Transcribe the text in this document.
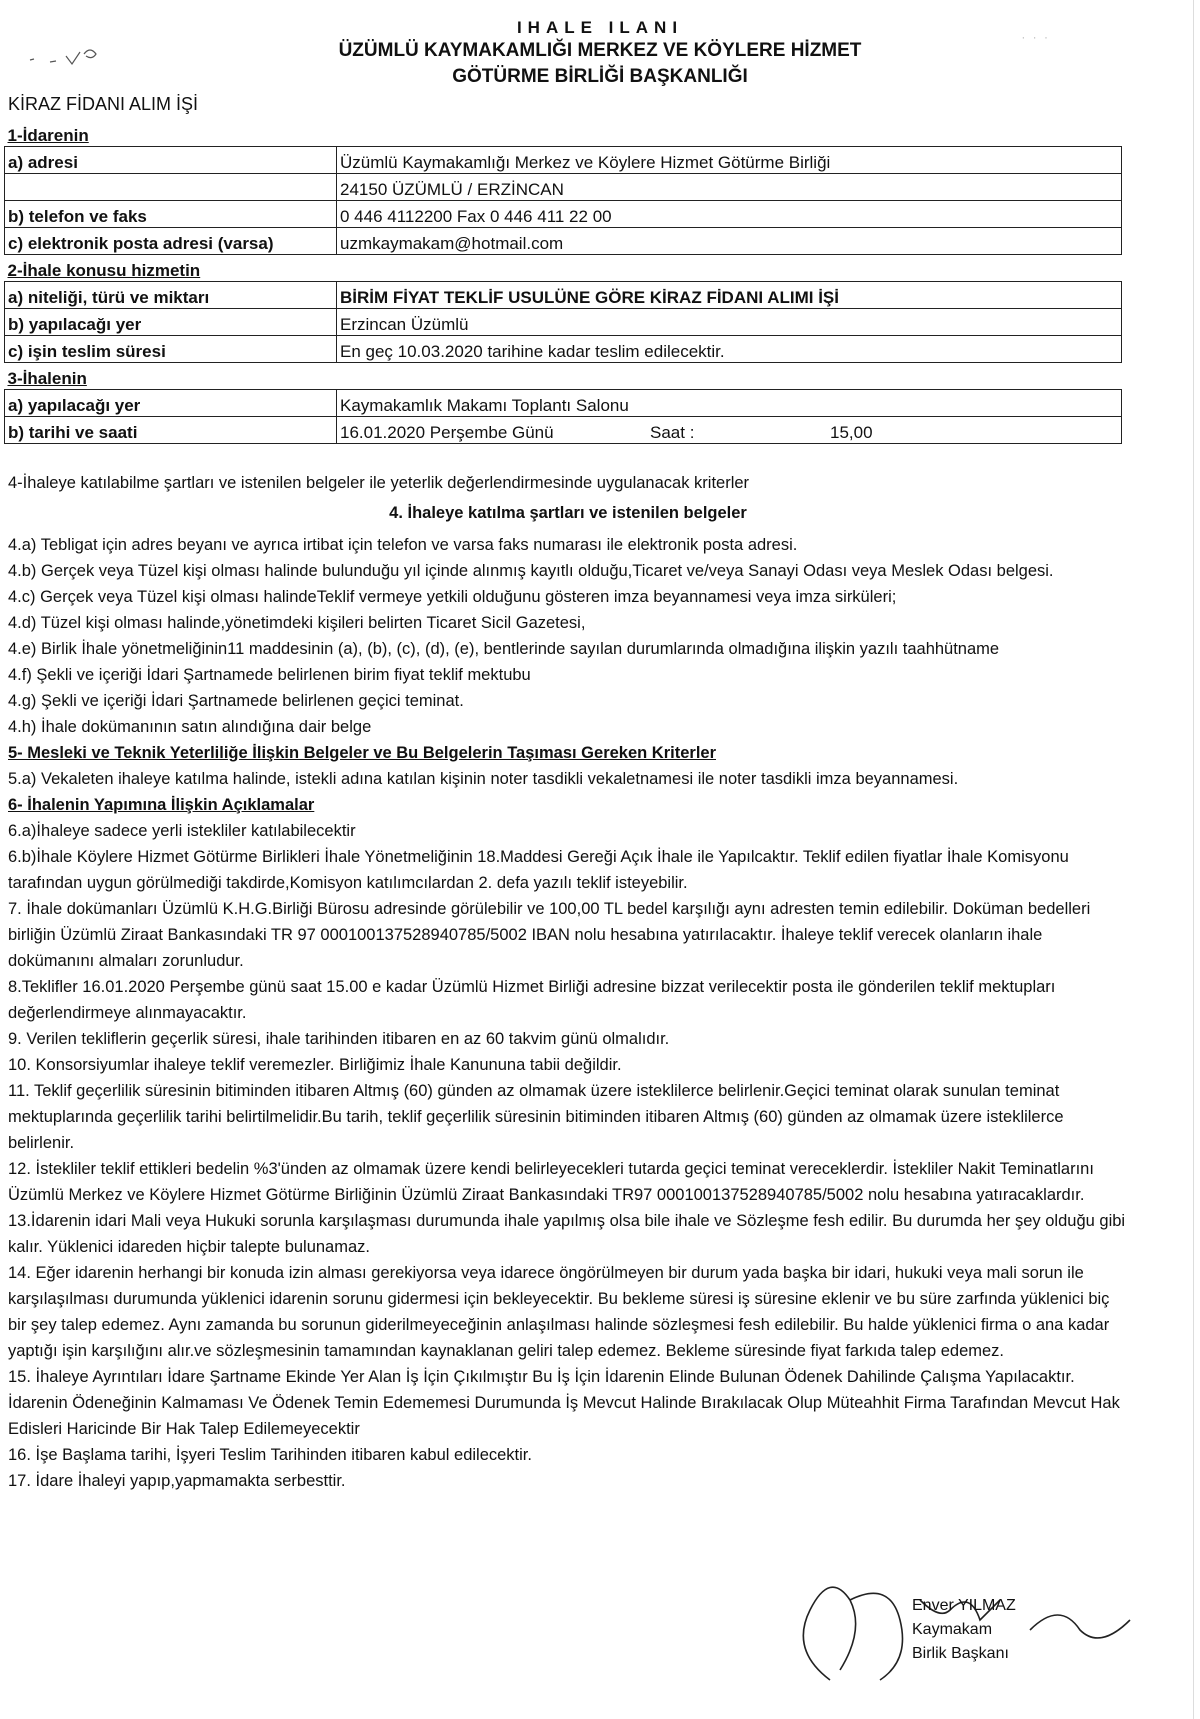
· · ·
IHALE ILANI
ÜZÜMLÜ KAYMAKAMLIĞI MERKEZ VE KÖYLERE HİZMET
GÖTÜRME BİRLİĞİ BAŞKANLIĞI
KİRAZ FİDANI ALIM İŞİ
1-İdarenin	
a) adresi	Üzümlü Kaymakamlığı Merkez ve Köylere Hizmet Götürme Birliği
	24150 ÜZÜMLÜ / ERZİNCAN
b) telefon ve faks	0 446 4112200 Fax 0 446 411 22 00
c) elektronik posta adresi (varsa)	uzmkaymakam@hotmail.com
2-İhale konusu hizmetin	
a) niteliği, türü ve miktarı	BİRİM FİYAT TEKLİF USULÜNE GÖRE KİRAZ FİDANI ALIMI İŞİ
b) yapılacağı yer	Erzincan Üzümlü
c) işin teslim süresi	En geç 10.03.2020 tarihine kadar teslim edilecektir.
3-İhalenin	
a) yapılacağı yer	Kaymakamlık Makamı Toplantı Salonu
b) tarihi ve saati	16.01.2020 Perşembe Günü Saat : 15,00

4-İhaleye katılabilme şartları ve istenilen belgeler ile yeterlik değerlendirmesinde uygulanacak kriterler

4. İhaleye katılma şartları ve istenilen belgeler

4.a) Tebligat için adres beyanı ve ayrıca irtibat için telefon ve varsa faks numarası ile elektronik posta adresi.

4.b) Gerçek veya Tüzel kişi olması halinde bulunduğu yıl içinde alınmış kayıtlı olduğu,Ticaret ve/veya Sanayi Odası veya Meslek Odası belgesi.

4.c) Gerçek veya Tüzel kişi olması halindeTeklif vermeye yetkili olduğunu gösteren imza beyannamesi veya imza sirküleri;

4.d) Tüzel kişi olması halinde,yönetimdeki kişileri belirten Ticaret Sicil Gazetesi,

4.e) Birlik İhale yönetmeliğinin11 maddesinin (a), (b), (c), (d), (e), bentlerinde sayılan durumlarında olmadığına ilişkin yazılı taahhütname

4.f) Şekli ve içeriği İdari Şartnamede belirlenen birim fiyat teklif mektubu

4.g) Şekli ve içeriği İdari Şartnamede belirlenen geçici teminat.

4.h) İhale dokümanının satın alındığına dair belge

5- Mesleki ve Teknik Yeterliliğe İlişkin Belgeler ve Bu Belgelerin Taşıması Gereken Kriterler

5.a) Vekaleten ihaleye katılma halinde, istekli adına katılan kişinin noter tasdikli vekaletnamesi ile noter tasdikli imza beyannamesi.

6- İhalenin Yapımına İlişkin Açıklamalar

6.a)İhaleye sadece yerli istekliler katılabilecektir

6.b)İhale Köylere Hizmet Götürme Birlikleri İhale Yönetmeliğinin 18.Maddesi Gereği Açık İhale ile Yapılcaktır. Teklif edilen fiyatlar İhale Komisyonu tarafından uygun görülmediği takdirde,Komisyon katılımcılardan 2. defa yazılı teklif isteyebilir.

7. İhale dokümanları Üzümlü K.H.G.Birliği Bürosu adresinde görülebilir ve 100,00 TL bedel karşılığı aynı adresten temin edilebilir. Doküman bedelleri birliğin Üzümlü Ziraat Bankasındaki TR 97 000100137528940785/5002 IBAN nolu hesabına yatırılacaktır. İhaleye teklif verecek olanların ihale dokümanını almaları zorunludur.

8.Teklifler 16.01.2020 Perşembe günü saat 15.00 e kadar Üzümlü Hizmet Birliği adresine bizzat verilecektir posta ile gönderilen teklif mektupları değerlendirmeye alınmayacaktır.

9. Verilen tekliflerin geçerlik süresi, ihale tarihinden itibaren en az 60 takvim günü olmalıdır.

10. Konsorsiyumlar ihaleye teklif veremezler. Birliğimiz İhale Kanununa tabii değildir.

11. Teklif geçerlilik süresinin bitiminden itibaren Altmış (60) günden az olmamak üzere isteklilerce belirlenir.Geçici teminat olarak sunulan teminat mektuplarında geçerlilik tarihi belirtilmelidir.Bu tarih, teklif geçerlilik süresinin bitiminden itibaren Altmış (60) günden az olmamak üzere isteklilerce belirlenir.

12. İstekliler teklif ettikleri bedelin %3'ünden az olmamak üzere kendi belirleyecekleri tutarda geçici teminat vereceklerdir. İstekliler Nakit Teminatlarını Üzümlü Merkez ve Köylere Hizmet Götürme Birliğinin Üzümlü Ziraat Bankasındaki TR97 000100137528940785/5002 nolu hesabına yatıracaklardır.

13.İdarenin idari Mali veya Hukuki sorunla karşılaşması durumunda ihale yapılmış olsa bile ihale ve Sözleşme fesh edilir. Bu durumda her şey olduğu gibi kalır. Yüklenici idareden hiçbir talepte bulunamaz.

14. Eğer idarenin herhangi bir konuda izin alması gerekiyorsa veya idarece öngörülmeyen bir durum yada başka bir idari, hukuki veya mali sorun ile karşılaşılması durumunda yüklenici idarenin sorunu gidermesi için bekleyecektir. Bu bekleme süresi iş süresine eklenir ve bu süre zarfında yüklenici biç bir şey talep edemez. Aynı zamanda bu sorunun giderilmeyeceğinin anlaşılması halinde sözleşmesi fesh edilebilir. Bu halde yüklenici firma o ana kadar yaptığı işin karşılığını alır.ve sözleşmesinin tamamından kaynaklanan geliri talep edemez. Bekleme süresinde fiyat farkıda talep edemez.

15. İhaleye Ayrıntıları İdare Şartname Ekinde Yer Alan İş İçin Çıkılmıştır Bu İş İçin İdarenin Elinde Bulunan Ödenek Dahilinde Çalışma Yapılacaktır. İdarenin Ödeneğinin Kalmaması Ve Ödenek Temin Edememesi Durumunda İş Mevcut Halinde Bırakılacak Olup Müteahhit Firma Tarafından Mevcut Hak Edisleri Haricinde Bir Hak Talep Edilemeyecektir

16. İşe Başlama tarihi, İşyeri Teslim Tarihinden itibaren kabul edilecektir.

17. İdare İhaleyi yapıp,yapmamakta serbesttir.

Enver YILMAZ
Kaymakam
Birlik Başkanı
